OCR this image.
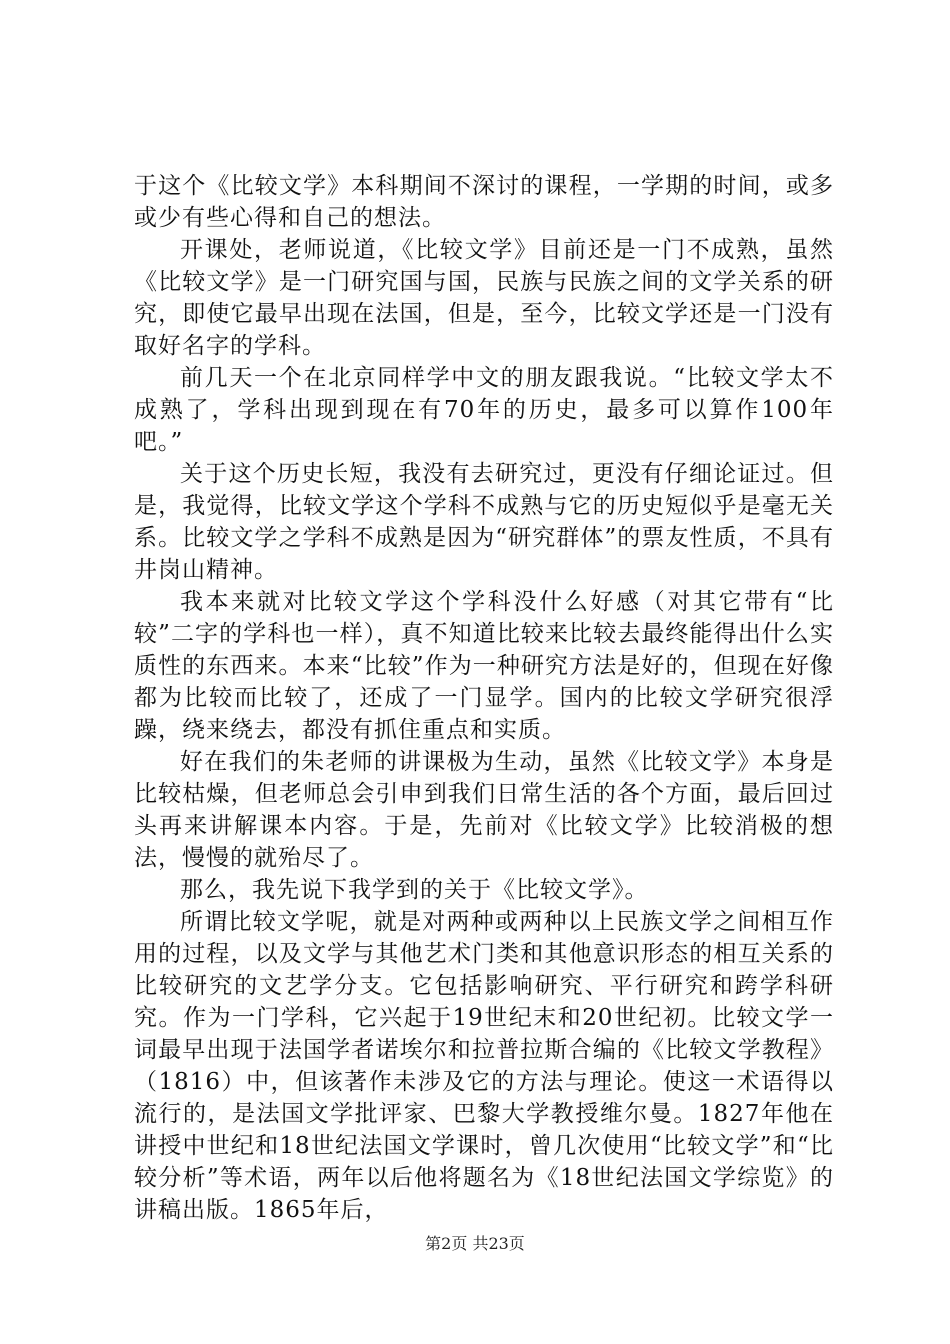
于这个《比较文学》本科期间不深讨的课程，一学期的时间，或多或少有些心得和自己的想法。

开课处，老师说道，《比较文学》目前还是一门不成熟，虽然《比较文学》是一门研究国与国，民族与民族之间的文学关系的研究，即使它最早出现在法国，但是，至今，比较文学还是一门没有取好名字的学科。

前几天一个在北京同样学中文的朋友跟我说。“比较文学太不成熟了，学科出现到现在有70年的历史，最多可以算作100年吧。”

关于这个历史长短，我没有去研究过，更没有仔细论证过。但是，我觉得，比较文学这个学科不成熟与它的历史短似乎是毫无关系。比较文学之学科不成熟是因为“研究群体”的票友性质，不具有井岗山精神。

我本来就对比较文学这个学科没什么好感（对其它带有“比较”二字的学科也一样），真不知道比较来比较去最终能得出什么实质性的东西来。本来“比较”作为一种研究方法是好的，但现在好像都为比较而比较了，还成了一门显学。国内的比较文学研究很浮躁，绕来绕去，都没有抓住重点和实质。

好在我们的朱老师的讲课极为生动，虽然《比较文学》本身是比较枯燥，但老师总会引申到我们日常生活的各个方面，最后回过头再来讲解课本内容。于是，先前对《比较文学》比较消极的想法，慢慢的就殆尽了。

那么，我先说下我学到的关于《比较文学》。

所谓比较文学呢，就是对两种或两种以上民族文学之间相互作用的过程，以及文学与其他艺术门类和其他意识形态的相互关系的比较研究的文艺学分支。它包括影响研究、平行研究和跨学科研究。作为一门学科，它兴起于19世纪末和20世纪初。比较文学一词最早出现于法国学者诺埃尔和拉普拉斯合编的《比较文学教程》（1816）中，但该著作未涉及它的方法与理论。使这一术语得以流行的，是法国文学批评家、巴黎大学教授维尔曼。1827年他在讲授中世纪和18世纪法国文学课时，曾几次使用“比较文学”和“比较分析”等术语，两年以后他将题名为《18世纪法国文学综览》的讲稿出版。1865年后，

第2页 共23页
